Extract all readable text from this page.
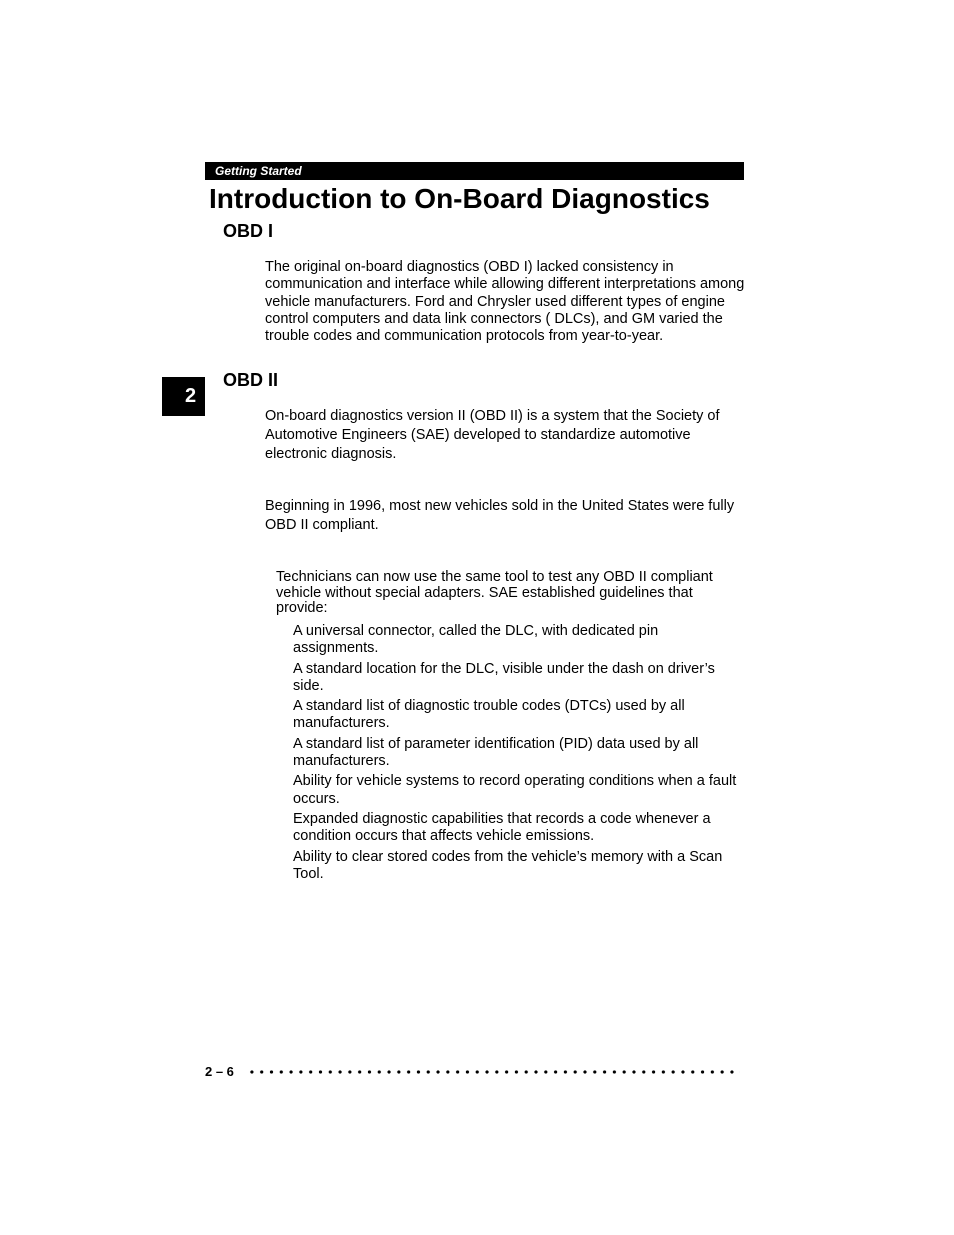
Getting Started
Introduction to On-Board Diagnostics
OBD I

The original on-board diagnostics (OBD I) lacked consistency in communication and interface while allowing different interpretations among vehicle manufacturers. Ford and Chrysler used different types of engine control computers and data link connectors ( DLCs), and GM varied the trouble codes and communication protocols from year-to-year.

2
OBD II

On-board diagnostics version II (OBD II) is a system that the Society of Automotive Engineers (SAE) developed to standardize automotive electronic diagnosis.

Beginning in 1996, most new vehicles sold in the United States were fully OBD II compliant.

Technicians can now use the same tool to test any OBD II compliant vehicle without special adapters. SAE established guidelines that provide:

A universal connector, called the DLC, with dedicated pin assignments.
A standard location for the DLC, visible under the dash on driver’s side.
A standard list of diagnostic trouble codes (DTCs) used by all manufacturers.
A standard list of parameter identification (PID) data used by all manufacturers.
Ability for vehicle systems to record operating conditions when a fault occurs.
Expanded diagnostic capabilities that records a code whenever a condition occurs that affects vehicle emissions.
Ability to clear stored codes from the vehicle’s memory with a Scan Tool.
2 – 6
